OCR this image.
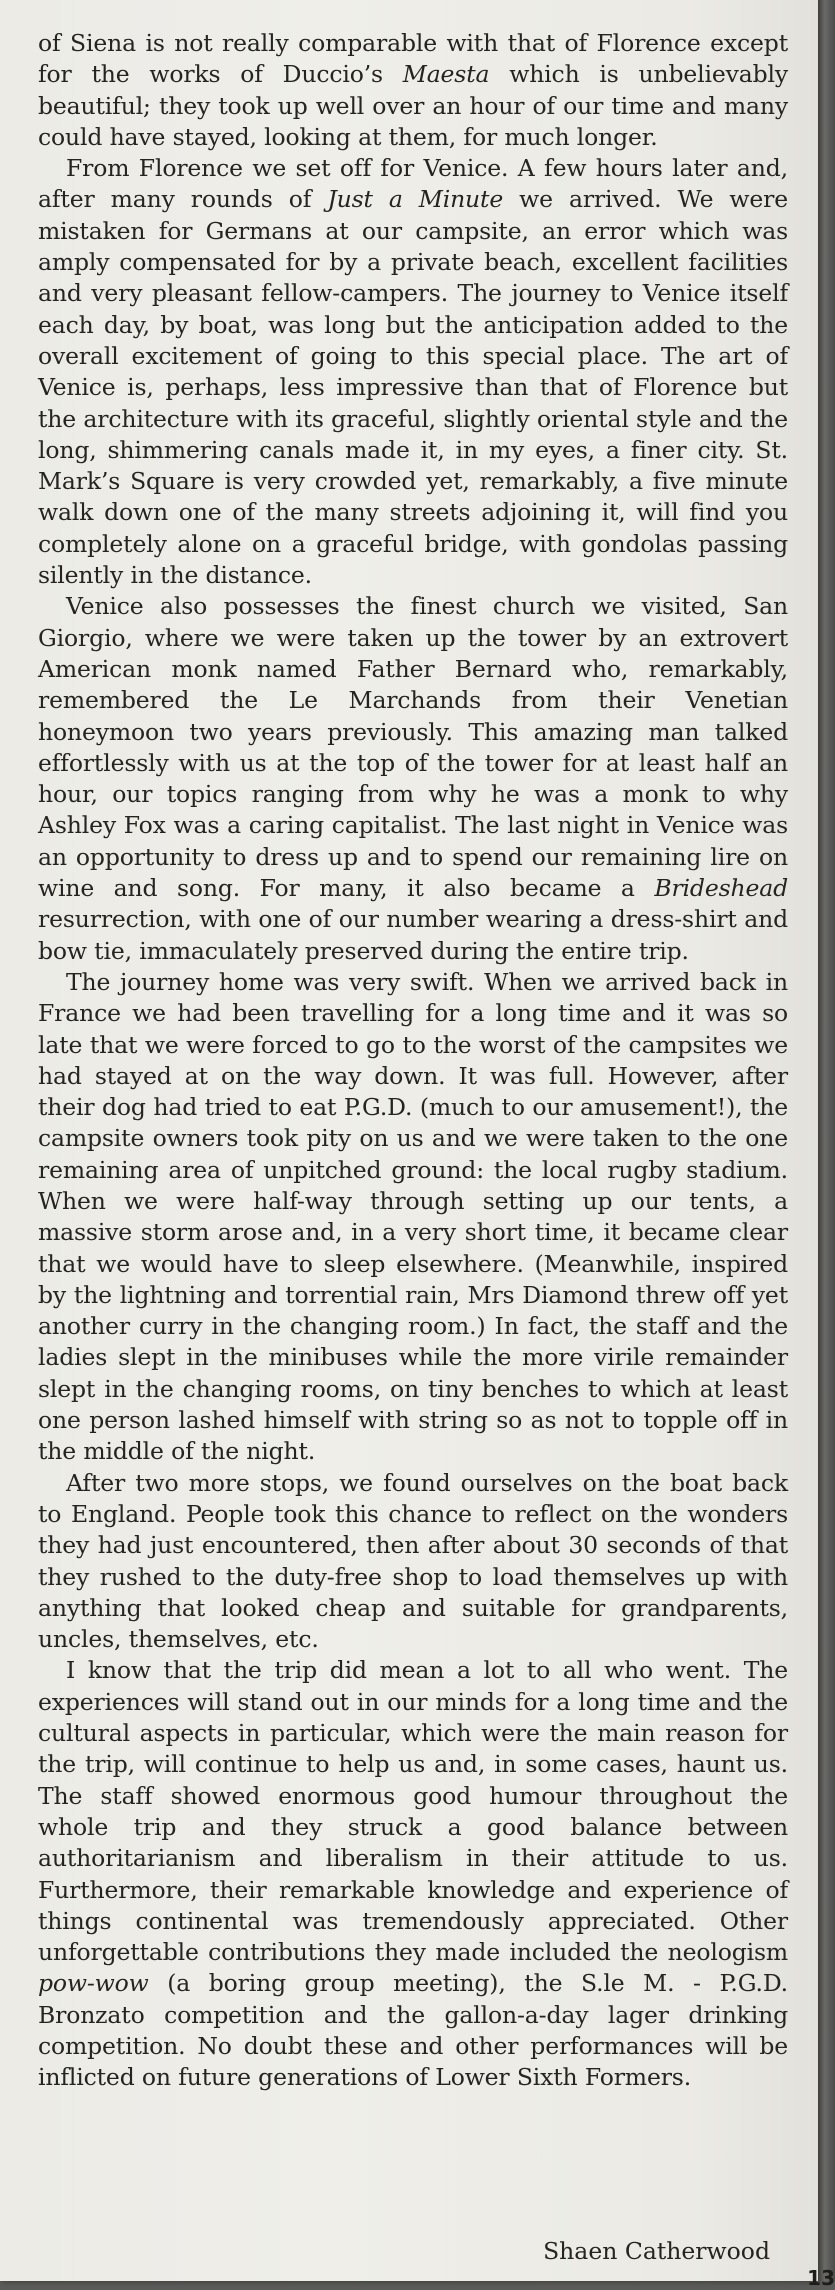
of Siena is not really comparable with that of Florence except for the works of Duccio’s Maesta which is unbelievably beautiful; they took up well over an hour of our time and many could have stayed, looking at them, for much longer.

From Florence we set off for Venice. A few hours later and, after many rounds of Just a Minute we arrived. We were mistaken for Germans at our campsite, an error which was amply compensated for by a private beach, excellent facilities and very pleasant fellow-campers. The journey to Venice itself each day, by boat, was long but the anticipation added to the overall excitement of going to this special place. The art of Venice is, perhaps, less impressive than that of Florence but the architecture with its graceful, slightly oriental style and the long, shimmering canals made it, in my eyes, a finer city. St. Mark’s Square is very crowded yet, remarkably, a five minute walk down one of the many streets adjoining it, will find you completely alone on a graceful bridge, with gondolas passing silently in the distance.

Venice also possesses the finest church we visited, San Giorgio, where we were taken up the tower by an extrovert American monk named Father Bernard who, remarkably, remembered the Le Marchands from their Venetian honeymoon two years previously. This amazing man talked effortlessly with us at the top of the tower for at least half an hour, our topics ranging from why he was a monk to why Ashley Fox was a caring capitalist. The last night in Venice was an opportunity to dress up and to spend our remaining lire on wine and song. For many, it also became a Brideshead resurrection, with one of our number wearing a dress-shirt and bow tie, immaculately preserved during the entire trip.

The journey home was very swift. When we arrived back in France we had been travelling for a long time and it was so late that we were forced to go to the worst of the campsites we had stayed at on the way down. It was full. However, after their dog had tried to eat P.G.D. (much to our amusement!), the campsite owners took pity on us and we were taken to the one remaining area of unpitched ground: the local rugby stadium. When we were half-way through setting up our tents, a massive storm arose and, in a very short time, it became clear that we would have to sleep elsewhere. (Meanwhile, inspired by the lightning and torrential rain, Mrs Diamond threw off yet another curry in the changing room.) In fact, the staff and the ladies slept in the minibuses while the more virile remainder slept in the changing rooms, on tiny benches to which at least one person lashed himself with string so as not to topple off in the middle of the night.

After two more stops, we found ourselves on the boat back to England. People took this chance to reflect on the wonders they had just encountered, then after about 30 seconds of that they rushed to the duty-free shop to load themselves up with anything that looked cheap and suitable for grandparents, uncles, themselves, etc.

I know that the trip did mean a lot to all who went. The experiences will stand out in our minds for a long time and the cultural aspects in particular, which were the main reason for the trip, will continue to help us and, in some cases, haunt us. The staff showed enormous good humour throughout the whole trip and they struck a good balance between authoritarianism and liberalism in their attitude to us. Furthermore, their remarkable knowledge and experience of things continental was tremendously appreciated. Other unforgettable contributions they made included the neologism pow-wow (a boring group meeting), the S.le M. - P.G.D. Bronzato competition and the gallon-a-day lager drinking competition. No doubt these and other performances will be inflicted on future generations of Lower Sixth Formers.

Shaen Catherwood
13
